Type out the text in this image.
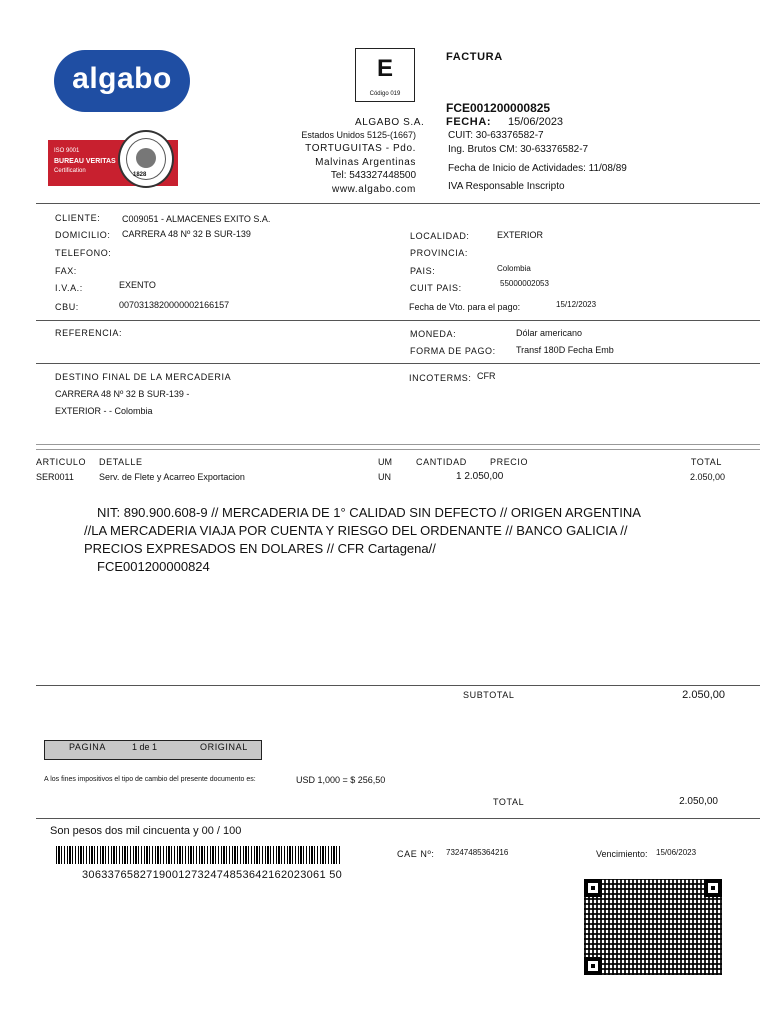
algabo
ISO 9001
BUREAU VERITAS
Certification
1828
E
Código 019
ALGABO S.A.
Estados Unidos 5125-(1667)
TORTUGUITAS - Pdo.
Malvinas Argentinas
Tel: 543327448500
www.algabo.com
FACTURA
FCE001200000825
FECHA: 15/06/2023
CUIT: 30-63376582-7
Ing. Brutos CM: 30-63376582-7
Fecha de Inicio de Actividades: 11/08/89
IVA Responsable Inscripto
CLIENTE: C009051 - ALMACENES EXITO S.A.
DOMICILIO: CARRERA 48 Nº 32 B SUR-139
TELEFONO:
FAX:
I.V.A.:	EXENTO
CBU:	0070313820000002166157
LOCALIDAD:	EXTERIOR
PROVINCIA:
PAIS:	Colombia
CUIT PAIS:	55000002053
Fecha de Vto. para el pago:	15/12/2023
REFERENCIA:	MONEDA:	Dólar americano
FORMA DE PAGO: Transf 180D Fecha Emb
DESTINO FINAL DE LA MERCADERIA
CARRERA 48 Nº 32 B SUR-139 -
EXTERIOR - - Colombia
INCOTERMS: CFR
ARTICULO DETALLE	UM	CANTIDAD	PRECIO	TOTAL
SER0011	Serv. de Flete y Acarreo Exportacion	UN	1 2.050,00	2.050,00
NIT: 890.900.608-9 // MERCADERIA DE 1° CALIDAD SIN DEFECTO // ORIGEN ARGENTINA //LA MERCADERIA VIAJA POR CUENTA Y RIESGO DEL ORDENANTE // BANCO GALICIA // PRECIOS EXPRESADOS EN DOLARES // CFR Cartagena//
FCE001200000824
SUBTOTAL	2.050,00
PAGINA	1 de 1	ORIGINAL
A los fines impositivos el tipo de cambio del presente documento es:	USD 1,000 = $ 256,50
TOTAL	2.050,00
Son pesos dos mil cincuenta y 00 / 100
30633765827190012732474853642162023061 50
CAE Nº: 73247485364216	Vencimiento: 15/06/2023
